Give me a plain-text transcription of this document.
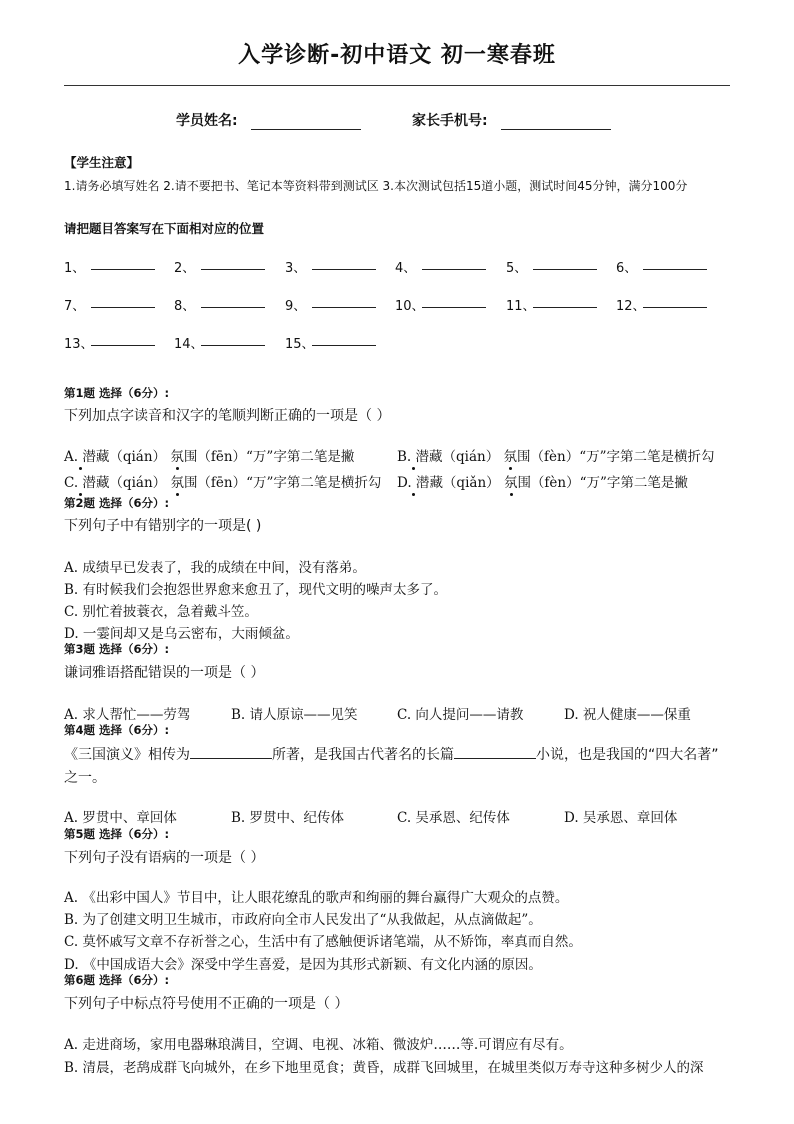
入学诊断-初中语文 初一寒春班
学员姓名:	家长手机号:
【学生注意】
1.请务必填写姓名 2.请不要把书、笔记本等资料带到测试区 3.本次测试包括15道小题，测试时间45分钟，满分100分
请把题目答案写在下面相对应的位置
1、	2、	3、	4、	5、	6、
7、	8、	9、	10、	11、	12、
13、	14、	15、
第1题 选择（6分）:
下列加点字读音和汉字的笔顺判断正确的一项是（ ）
A. 潜藏（qián） 氛围（fēn）“万”字第二笔是撇	B. 潜藏（qián） 氛围（fèn）“万”字第二笔是横折勾
C. 潜藏（qián） 氛围（fēn）“万”字第二笔是横折勾 D. 潜藏（qiǎn） 氛围（fèn）“万”字第二笔是撇
第2题 选择（6分）:
下列句子中有错别字的一项是( )
A. 成绩早已发表了，我的成绩在中间，没有落弟。
B. 有时候我们会抱怨世界愈来愈丑了，现代文明的噪声太多了。
C. 别忙着披蓑衣，急着戴斗笠。
D. 一霎间却又是乌云密布，大雨倾盆。
第3题 选择（6分）:
谦词雅语搭配错误的一项是（ ）
A. 求人帮忙——劳驾	B. 请人原谅——见笑	C. 向人提问——请教	D. 祝人健康——保重
第4题 选择（6分）:
《三国演义》相传为	所著，是我国古代著名的长篇	小说，也是我国的“四大名著”
之一。
A. 罗贯中、章回体	B. 罗贯中、纪传体	C. 吴承恩、纪传体	D. 吴承恩、章回体
第5题 选择（6分）:
下列句子没有语病的一项是（ ）
A. 《出彩中国人》节目中，让人眼花缭乱的歌声和绚丽的舞台赢得广大观众的点赞。
B. 为了创建文明卫生城市，市政府向全市人民发出了“从我做起，从点滴做起”。
C. 莫怀戚写文章不存祈誉之心，生活中有了感触便诉诸笔端，从不矫饰，率真而自然。
D. 《中国成语大会》深受中学生喜爱，是因为其形式新颖、有文化内涵的原因。
第6题 选择（6分）:
下列句子中标点符号使用不正确的一项是（ ）
A. 走进商场，家用电器琳琅满目，空调、电视、冰箱、微波炉……等.可谓应有尽有。
B. 清晨，老鸹成群飞向城外，在乡下地里觅食；黄昏，成群飞回城里，在城里类似万寿寺这种多树少人的深
